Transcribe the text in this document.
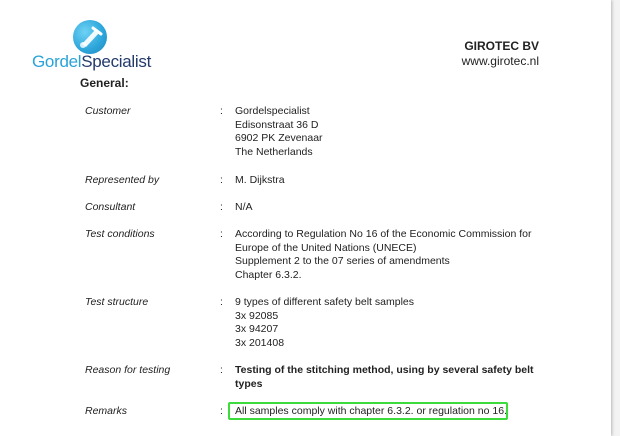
GordelSpecialist
GIROTEC BV
www.girotec.nl
General:
Customer	: Gordelspecialist
Edisonstraat 36 D
6902 PK Zevenaar
The Netherlands
Represented by	: M. Dijkstra
Consultant	: N/A
Test conditions	: According to Regulation No 16 of the Economic Commission for
Europe of the United Nations (UNECE)
Supplement 2 to the 07 series of amendments
Chapter 6.3.2.
Test structure	: 9 types of different safety belt samples
3x 92085
3x 94207
3x 201408
Reason for testing	: Testing of the stitching method, using by several safety belt types
Remarks	: All samples comply with chapter 6.3.2. or regulation no 16.
